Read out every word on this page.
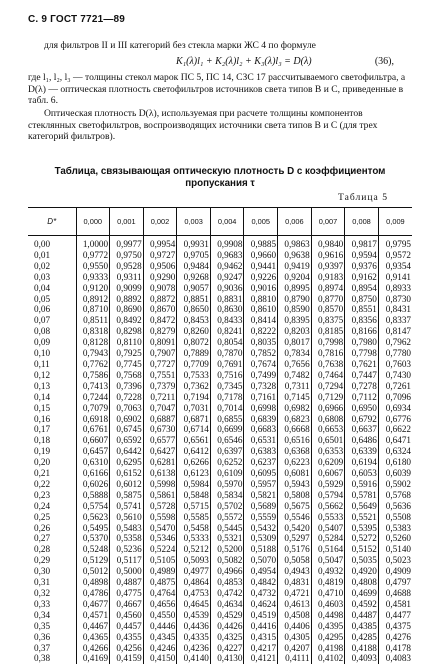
С. 9 ГОСТ 7721—89
для фильтров II и III категорий без стекла марки ЖС 4 по формуле
K₁(λ)l₁ + K₂(λ)l₂ + K₃(λ)l₃ = D(λ)	(36),
где l₁, l₂, l₃ — толщины стекол марок ПС 5, ПС 14, СЗС 17 рассчитываемого светофильтра, а D(λ) — оптическая плотность светофильтров источников света типов В и С, приведенные в табл. 6.
Оптическая плотность D(λ), используемая при расчете толщины компонентов стеклянных светофильтров, воспроизводящих источники света типов В и С (для трех категорий фильтров).
Таблица, связывающая оптическую плотность D с коэффициентом
пропускания τ
Таблица 5
D*	0,000	0,001	0,002	0,003	0,004	0,005	0,006	0,007	0,008	0,009
0,00	1,0000	0,9977	0,9954	0,9931	0,9908	0,9885	0,9863	0,9840	0,9817	0,9795
0,01	0,9772	0,9750	0,9727	0,9705	0,9683	0,9660	0,9638	0,9616	0,9594	0,9572
0,02	0,9550	0,9528	0,9506	0,9484	0,9462	0,9441	0,9419	0,9397	0,9376	0,9354
0,03	0,9333	0,9311	0,9290	0,9268	0,9247	0,9226	0,9204	0,9183	0,9162	0,9141
0,04	0,9120	0,9099	0,9078	0,9057	0,9036	0,9016	0,8995	0,8974	0,8954	0,8933
0,05	0,8912	0,8892	0,8872	0,8851	0,8831	0,8810	0,8790	0,8770	0,8750	0,8730
0,06	0,8710	0,8690	0,8670	0,8650	0,8630	0,8610	0,8590	0,8570	0,8551	0,8431
0,07	0,8511	0,8492	0,8472	0,8453	0,8433	0,8414	0,8395	0,8375	0,8356	0,8337
0,08	0,8318	0,8298	0,8279	0,8260	0,8241	0,8222	0,8203	0,8185	0,8166	0,8147
0,09	0,8128	0,8110	0,8091	0,8072	0,8054	0,8035	0,8017	0,7998	0,7980	0,7962
0,10	0,7943	0,7925	0,7907	0,7889	0,7870	0,7852	0,7834	0,7816	0,7798	0,7780
0,11	0,7762	0,7745	0,7727	0,7709	0,7691	0,7674	0,7656	0,7638	0,7621	0,7603
0,12	0,7586	0,7568	0,7551	0,7533	0,7516	0,7499	0,7482	0,7464	0,7447	0,7430
0,13	0,7413	0,7396	0,7379	0,7362	0,7345	0,7328	0,7311	0,7294	0,7278	0,7261
0,14	0,7244	0,7228	0,7211	0,7194	0,7178	0,7161	0,7145	0,7129	0,7112	0,7096
0,15	0,7079	0,7063	0,7047	0,7031	0,7014	0,6998	0,6982	0,6966	0,6950	0,6934
0,16	0,6918	0,6902	0,6887	0,6871	0,6855	0,6839	0,6823	0,6808	0,6792	0,6776
0,17	0,6761	0,6745	0,6730	0,6714	0,6699	0,6683	0,6668	0,6653	0,6637	0,6622
0,18	0,6607	0,6592	0,6577	0,6561	0,6546	0,6531	0,6516	0,6501	0,6486	0,6471
0,19	0,6457	0,6442	0,6427	0,6412	0,6397	0,6383	0,6368	0,6353	0,6339	0,6324
0,20	0,6310	0,6295	0,6281	0,6266	0,6252	0,6237	0,6223	0,6209	0,6194	0,6180
0,21	0,6166	0,6152	0,6138	0,6123	0,6109	0,6095	0,6081	0,6067	0,6053	0,6039
0,22	0,6026	0,6012	0,5998	0,5984	0,5970	0,5957	0,5943	0,5929	0,5916	0,5902
0,23	0,5888	0,5875	0,5861	0,5848	0,5834	0,5821	0,5808	0,5794	0,5781	0,5768
0,24	0,5754	0,5741	0,5728	0,5715	0,5702	0,5689	0,5675	0,5662	0,5649	0,5636
0,25	0,5623	0,5610	0,5598	0,5585	0,5572	0,5559	0,5546	0,5533	0,5521	0,5508
0,26	0,5495	0,5483	0,5470	0,5458	0,5445	0,5432	0,5420	0,5407	0,5395	0,5383
0,27	0,5370	0,5358	0,5346	0,5333	0,5321	0,5309	0,5297	0,5284	0,5272	0,5260
0,28	0,5248	0,5236	0,5224	0,5212	0,5200	0,5188	0,5176	0,5164	0,5152	0,5140
0,29	0,5129	0,5117	0,5105	0,5093	0,5082	0,5070	0,5058	0,5047	0,5035	0,5023
0,30	0,5012	0,5000	0,4989	0,4977	0,4966	0,4954	0,4943	0,4932	0,4920	0,4909
0,31	0,4898	0,4887	0,4875	0,4864	0,4853	0,4842	0,4831	0,4819	0,4808	0,4797
0,32	0,4786	0,4775	0,4764	0,4753	0,4742	0,4732	0,4721	0,4710	0,4699	0,4688
0,33	0,4677	0,4667	0,4656	0,4645	0,4634	0,4624	0,4613	0,4603	0,4592	0,4581
0,34	0,4571	0,4560	0,4550	0,4539	0,4529	0,4519	0,4508	0,4498	0,4487	0,4477
0,35	0,4467	0,4457	0,4446	0,4436	0,4426	0,4416	0,4406	0,4395	0,4385	0,4375
0,36	0,4365	0,4355	0,4345	0,4335	0,4325	0,4315	0,4305	0,4295	0,4285	0,4276
0,37	0,4266	0,4256	0,4246	0,4236	0,4227	0,4217	0,4207	0,4198	0,4188	0,4178
0,38	0,4169	0,4159	0,4150	0,4140	0,4130	0,4121	0,4111	0,4102	0,4093	0,4083
